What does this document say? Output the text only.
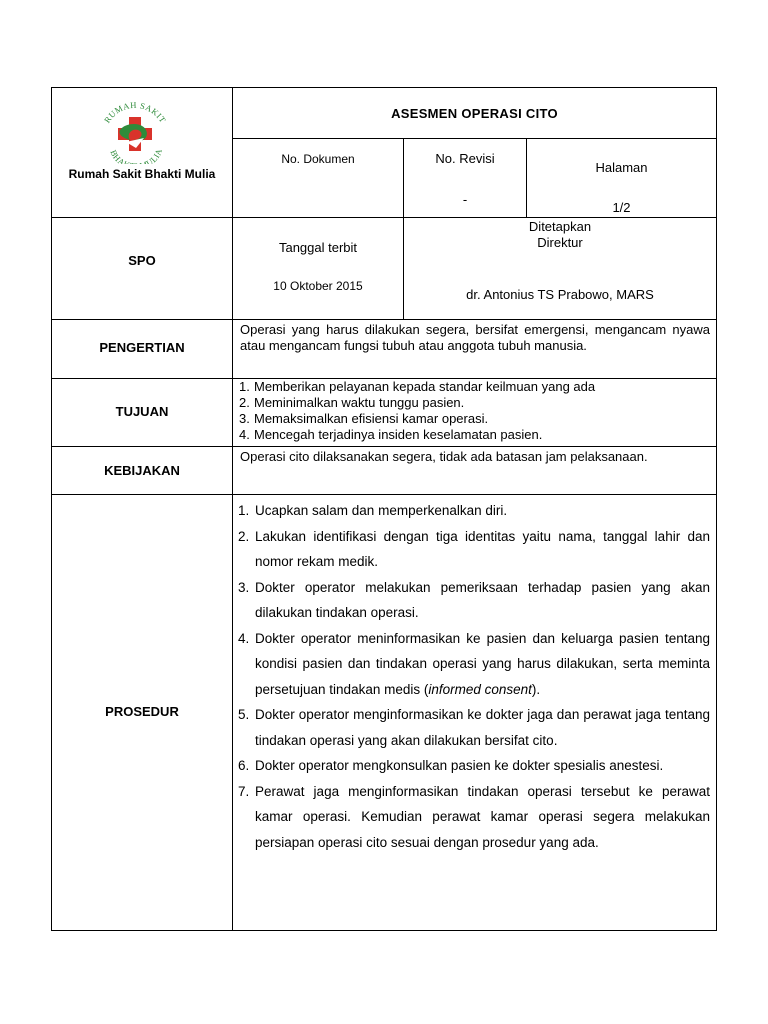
RUMAH SAKIT
BHA ULIA
Rumah Sakit Bhakti Mulia
ASESMEN OPERASI CITO
No. Dokumen	No. Revisi
-
Halaman
1/2
SPO
Tanggal terbit
10 Oktober 2015
Ditetapkan
Direktur
dr. Antonius TS Prabowo, MARS
PENGERTIAN
Operasi yang harus dilakukan segera, bersifat emergensi, mengancam nyawa atau mengancam fungsi tubuh atau anggota tubuh manusia.
TUJUAN
1. Memberikan pelayanan kepada standar keilmuan yang ada
2. Meminimalkan waktu tunggu pasien.
3. Memaksimalkan efisiensi kamar operasi.
4. Mencegah terjadinya insiden keselamatan pasien.
KEBIJAKAN
Operasi cito dilaksanakan segera, tidak ada batasan jam pelaksanaan.
PROSEDUR
1. Ucapkan salam dan memperkenalkan diri.
2. Lakukan identifikasi dengan tiga identitas yaitu nama, tanggal lahir dan nomor rekam medik.
3. Dokter operator melakukan pemeriksaan terhadap pasien yang akan dilakukan tindakan operasi.
4. Dokter operator meninformasikan ke pasien dan keluarga pasien tentang kondisi pasien dan tindakan operasi yang harus dilakukan, serta meminta persetujuan tindakan medis (informed consent).
5. Dokter operator menginformasikan ke dokter jaga dan perawat jaga tentang tindakan operasi yang akan dilakukan bersifat cito.
6. Dokter operator mengkonsulkan pasien ke dokter spesialis anestesi.
7. Perawat jaga menginformasikan tindakan operasi tersebut ke perawat kamar operasi. Kemudian perawat kamar operasi segera melakukan persiapan operasi cito sesuai dengan prosedur yang ada.
